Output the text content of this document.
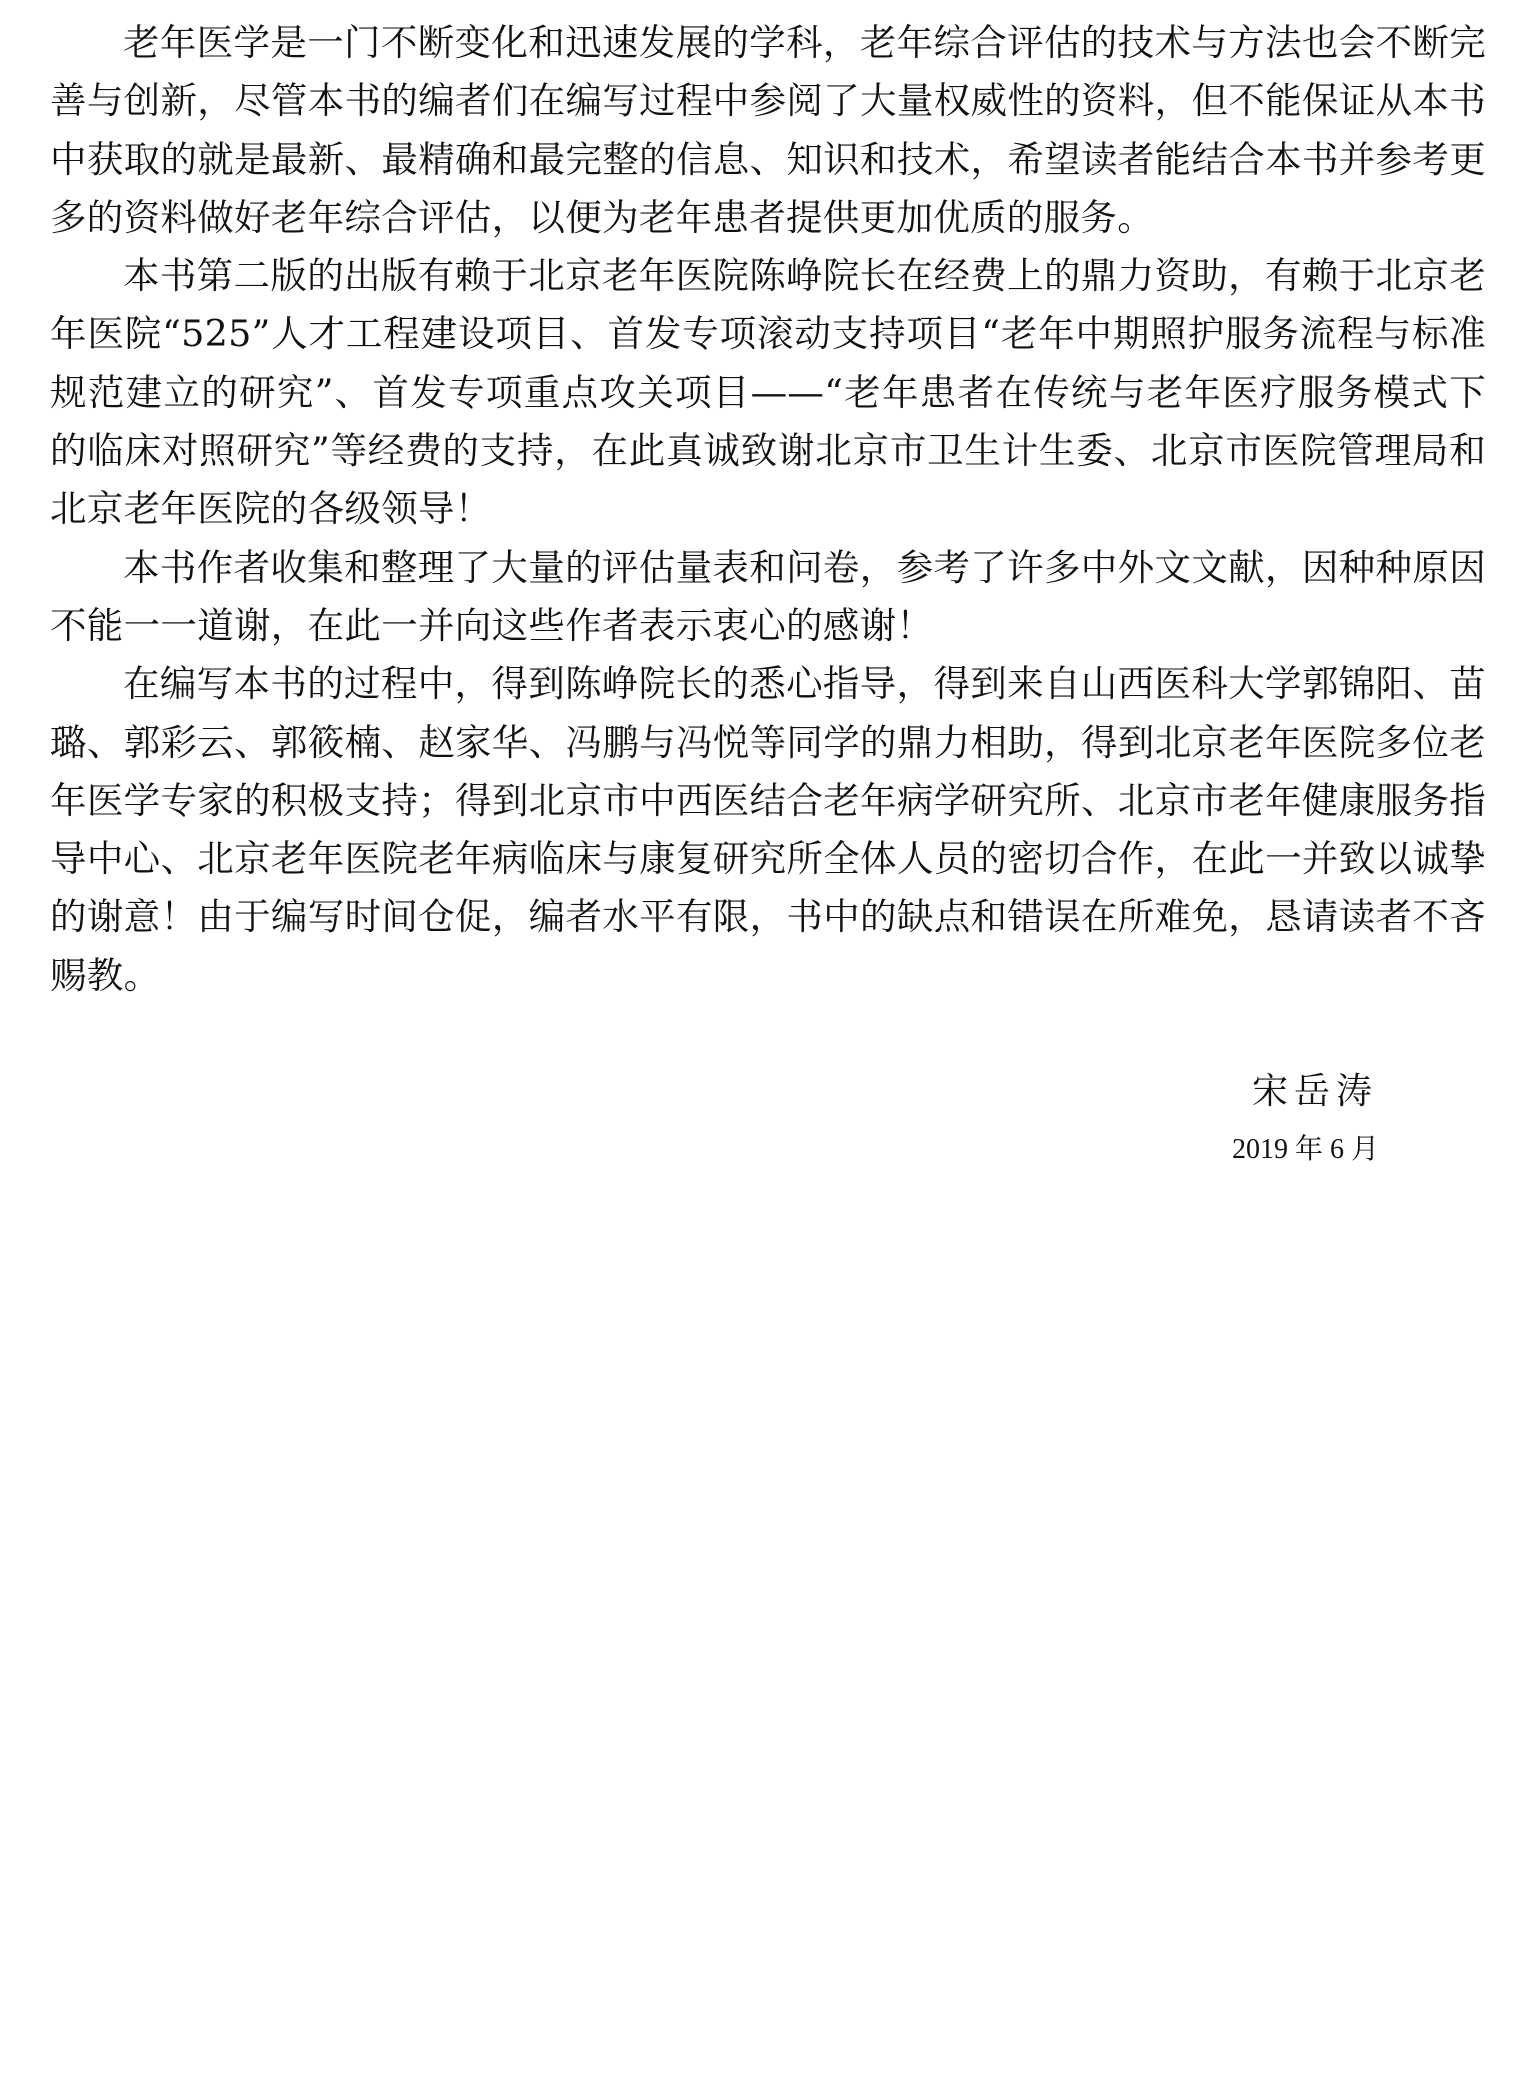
老年医学是一门不断变化和迅速发展的学科，老年综合评估的技术与方法也会不断完善与创新，尽管本书的编者们在编写过程中参阅了大量权威性的资料，但不能保证从本书中获取的就是最新、最精确和最完整的信息、知识和技术，希望读者能结合本书并参考更多的资料做好老年综合评估，以便为老年患者提供更加优质的服务。

本书第二版的出版有赖于北京老年医院陈峥院长在经费上的鼎力资助，有赖于北京老年医院“525”人才工程建设项目、首发专项滚动支持项目“老年中期照护服务流程与标准规范建立的研究”、首发专项重点攻关项目——“老年患者在传统与老年医疗服务模式下的临床对照研究”等经费的支持，在此真诚致谢北京市卫生计生委、北京市医院管理局和北京老年医院的各级领导！

本书作者收集和整理了大量的评估量表和问卷，参考了许多中外文文献，因种种原因不能一一道谢，在此一并向这些作者表示衷心的感谢！

在编写本书的过程中，得到陈峥院长的悉心指导，得到来自山西医科大学郭锦阳、苗璐、郭彩云、郭筱楠、赵家华、冯鹏与冯悦等同学的鼎力相助，得到北京老年医院多位老年医学专家的积极支持；得到北京市中西医结合老年病学研究所、北京市老年健康服务指导中心、北京老年医院老年病临床与康复研究所全体人员的密切合作，在此一并致以诚挚的谢意！由于编写时间仓促，编者水平有限，书中的缺点和错误在所难免，恳请读者不吝赐教。

宋岳涛
2019 年 6 月
